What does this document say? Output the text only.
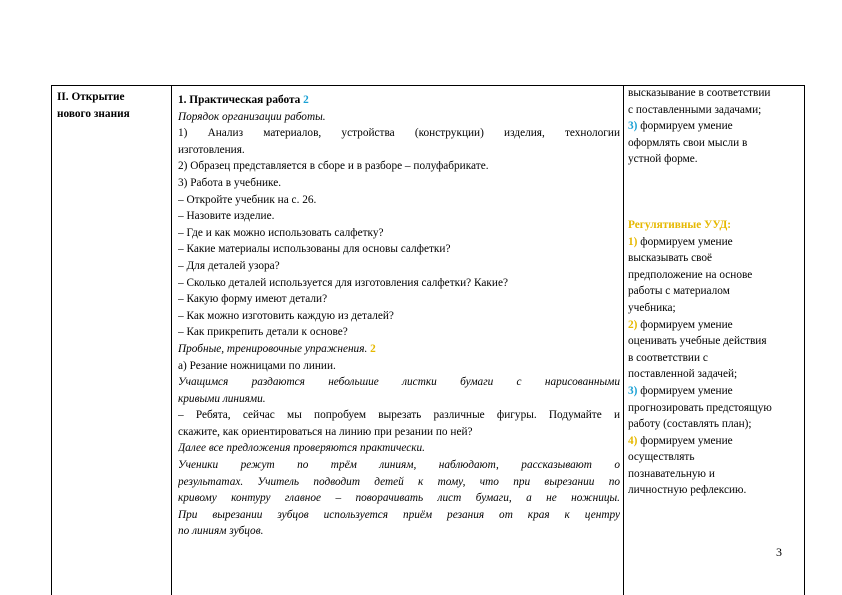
II. Открытие
нового знания
1. Практическая работа 2
Порядок организации работы.
1) Анализ материалов, устройства (конструкции) изделия, технологии
изготовления.
2) Образец представляется в сборе и в разборе – полуфабрикате.
3) Работа в учебнике.
– Откройте учебник на с. 26.
– Назовите изделие.
– Где и как можно использовать салфетку?
– Какие материалы использованы для основы салфетки?
– Для деталей узора?
– Сколько деталей используется для изготовления салфетки? Какие?
– Какую форму имеют детали?
– Как можно изготовить каждую из деталей?
– Как прикрепить детали к основе?
Пробные, тренировочные упражнения. 2
а) Резание ножницами по линии.
Учащимся раздаются небольшие листки бумаги с нарисованными
кривыми линиями.
– Ребята, сейчас мы попробуем вырезать различные фигуры. Подумайте и
скажите, как ориентироваться на линию при резании по ней?
Далее все предложения проверяются практически.
Ученики режут по трём линиям, наблюдают, рассказывают о
результатах. Учитель подводит детей к тому, что при вырезании по
кривому контуру главное – поворачивать лист бумаги, а не ножницы.
При вырезании зубцов используется приём резания от края к центру
по линиям зубцов.
высказывание в соответствии
с поставленными задачами;
3) формируем умение
оформлять свои мысли в
устной форме.
Регулятивные УУД:
1) формируем умение
высказывать своё
предположение на основе
работы с материалом
учебника;
2) формируем умение
оценивать учебные действия
в соответствии с
поставленной задачей;
3) формируем умение
прогнозировать предстоящую
работу (составлять план);
4) формируем умение
осуществлять
познавательную и
личностную рефлексию.
3
